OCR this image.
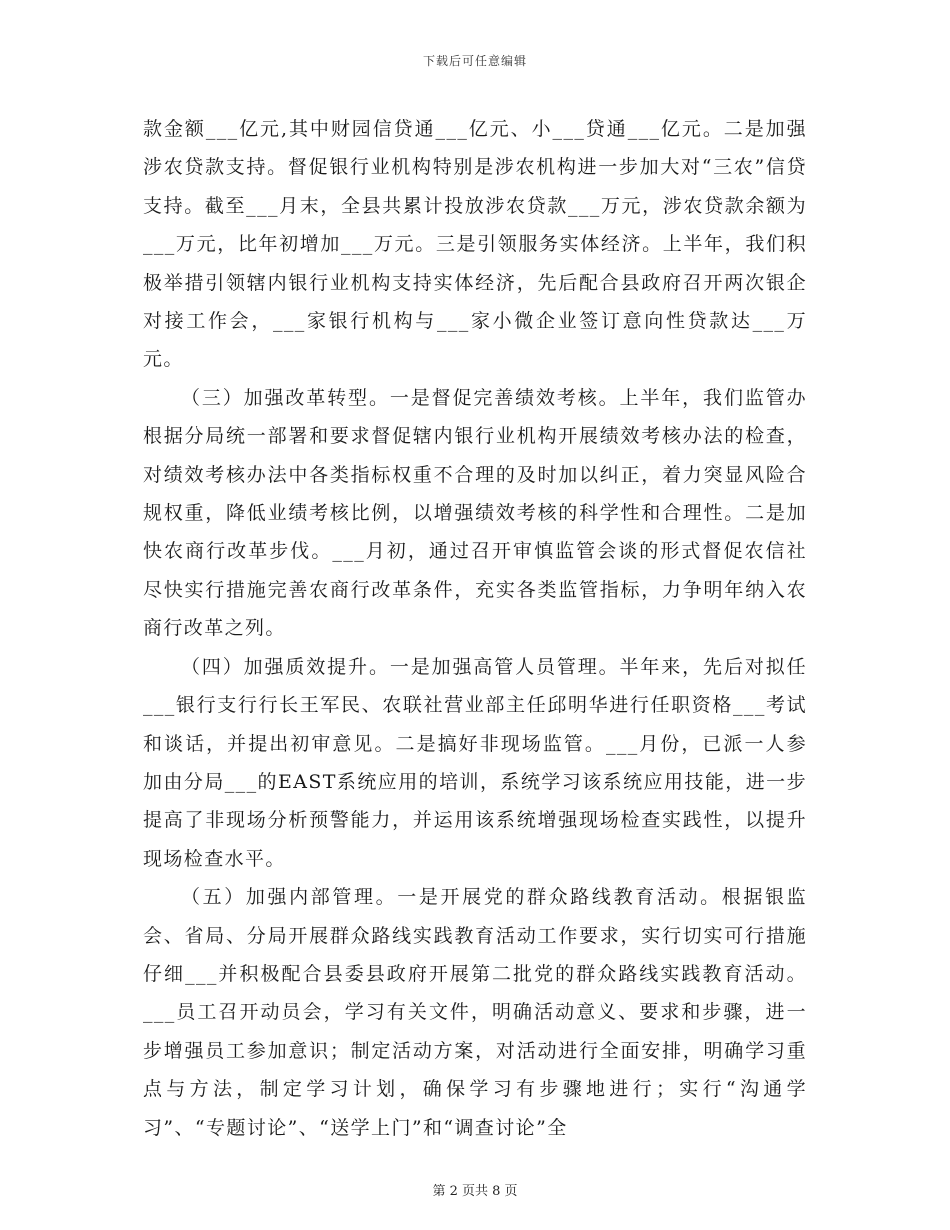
下载后可任意编辑

款金额___亿元,其中财园信贷通___亿元、小___贷通___亿元。二是加强涉农贷款支持。督促银行业机构特别是涉农机构进一步加大对“三农”信贷支持。截至___月末，全县共累计投放涉农贷款___万元，涉农贷款余额为___万元，比年初增加___万元。三是引领服务实体经济。上半年，我们积极举措引领辖内银行业机构支持实体经济，先后配合县政府召开两次银企对接工作会，___家银行机构与___家小微企业签订意向性贷款达___万元。

（三）加强改革转型。一是督促完善绩效考核。上半年，我们监管办根据分局统一部署和要求督促辖内银行业机构开展绩效考核办法的检查，对绩效考核办法中各类指标权重不合理的及时加以纠正，着力突显风险合规权重，降低业绩考核比例，以增强绩效考核的科学性和合理性。二是加快农商行改革步伐。___月初，通过召开审慎监管会谈的形式督促农信社尽快实行措施完善农商行改革条件，充实各类监管指标，力争明年纳入农商行改革之列。

（四）加强质效提升。一是加强高管人员管理。半年来，先后对拟任___银行支行行长王军民、农联社营业部主任邱明华进行任职资格___考试和谈话，并提出初审意见。二是搞好非现场监管。___月份，已派一人参加由分局___的EAST系统应用的培训，系统学习该系统应用技能，进一步提高了非现场分析预警能力，并运用该系统增强现场检查实践性，以提升现场检查水平。

（五）加强内部管理。一是开展党的群众路线教育活动。根据银监会、省局、分局开展群众路线实践教育活动工作要求，实行切实可行措施仔细___并积极配合县委县政府开展第二批党的群众路线实践教育活动。___员工召开动员会，学习有关文件，明确活动意义、要求和步骤，进一步增强员工参加意识；制定活动方案，对活动进行全面安排，明确学习重点与方法，制定学习计划，确保学习有步骤地进行；实行“沟通学习”、“专题讨论”、“送学上门”和“调查讨论”全

第 2 页共 8 页
